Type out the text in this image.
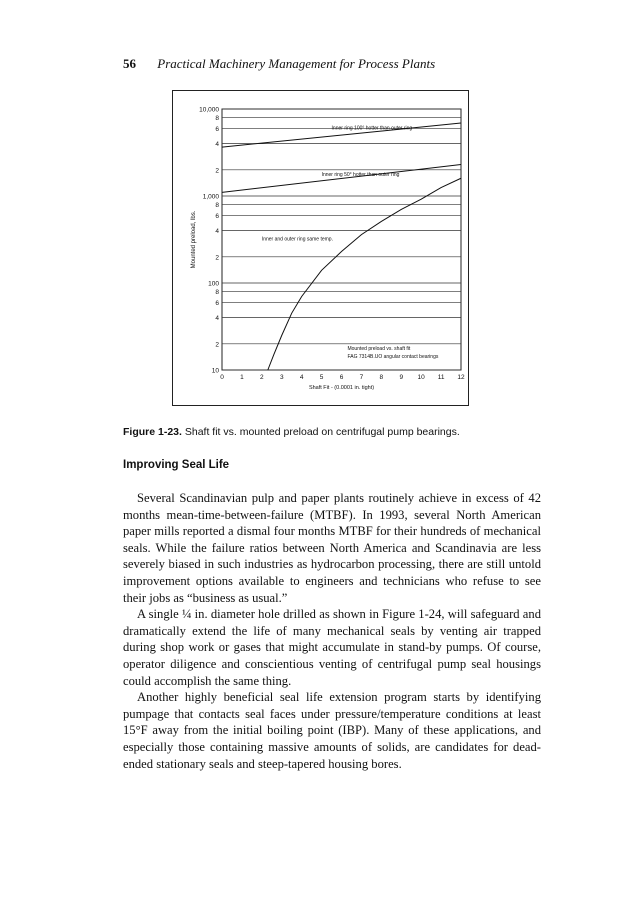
56 Practical Machinery Management for Process Plants
10,000
8
6
4
2
1,000
8
6
4
2
100
8
6
4
2
10
0	1	2	3	4	5	6	7	8	9 10 11 12
Shaft Fit - (0.0001 in. tight)
Mounted preload, lbs.
Inner ring 100° hotter than outer ring
Inner ring 50° hotter than outer ring
Inner and outer ring same temp.
Mounted preload vs. shaft fit
FAG 7314B.UO angular contact bearings
Figure 1-23. Shaft fit vs. mounted preload on centrifugal pump bearings.
Improving Seal Life

Several Scandinavian pulp and paper plants routinely achieve in excess of 42 months mean-time-between-failure (MTBF). In 1993, several North American paper mills reported a dismal four months MTBF for their hundreds of mechanical seals. While the failure ratios between North America and Scandinavia are less severely biased in such industries as hydrocarbon processing, there are still untold improvement options available to engineers and technicians who refuse to see their jobs as “business as usual.”

A single ¼ in. diameter hole drilled as shown in Figure 1-24, will safeguard and dramatically extend the life of many mechanical seals by venting air trapped during shop work or gases that might accumulate in stand-by pumps. Of course, operator diligence and conscientious venting of centrifugal pump seal housings could accomplish the same thing.

Another highly beneficial seal life extension program starts by identifying pumpage that contacts seal faces under pressure/temperature conditions at least 15°F away from the initial boiling point (IBP). Many of these applications, and especially those containing massive amounts of solids, are candidates for dead-ended stationary seals and steep-tapered housing bores.
